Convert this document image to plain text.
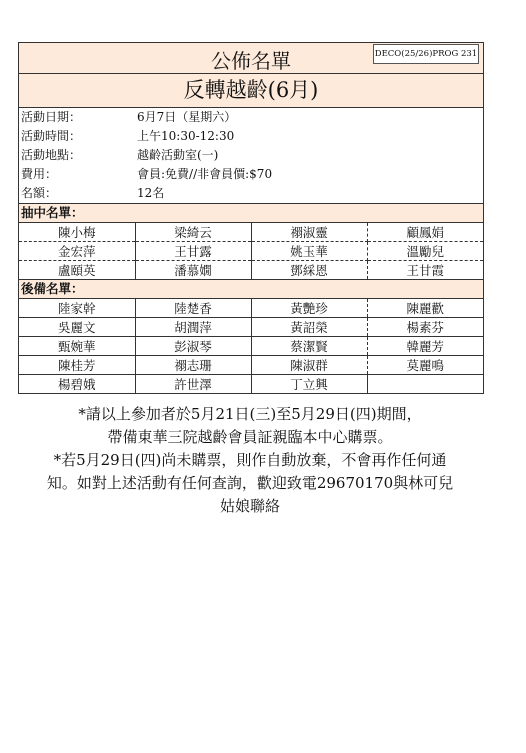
公佈名單	DECO(25/26)PROG 231
反轉越齡(6月)
活動日期：	6月7日（星期六）
活動時間：	上午10:30-12:30
活動地點：	越齡活動室(一)
費用：	會員:免費//非會員價:$70
名額：	12名
抽中名單：
陳小梅	梁綺云	禤淑靈	顧鳳娟
金宏萍	王甘露	姚玉華	溫勵兒
盧頤英	潘慕嫺	鄧綵恩	王甘霞
後備名單：
陸家幹	陸楚香	黃艷珍	陳麗歡
吳麗文	胡潤萍	黃詔榮	楊素芬
甄婉華	彭淑琴	蔡潔賢	韓麗芳
陳桂芳	禤志珊	陳淑群	莫麗鳴
楊碧娥	許世澤	丁立興	
*請以上參加者於5月21日(三)至5月29日(四)期間，
帶備東華三院越齡會員証親臨本中心購票。
*若5月29日(四)尚未購票，則作自動放棄，不會再作任何通
知。如對上述活動有任何查詢，歡迎致電29670170與林可兒
姑娘聯絡
